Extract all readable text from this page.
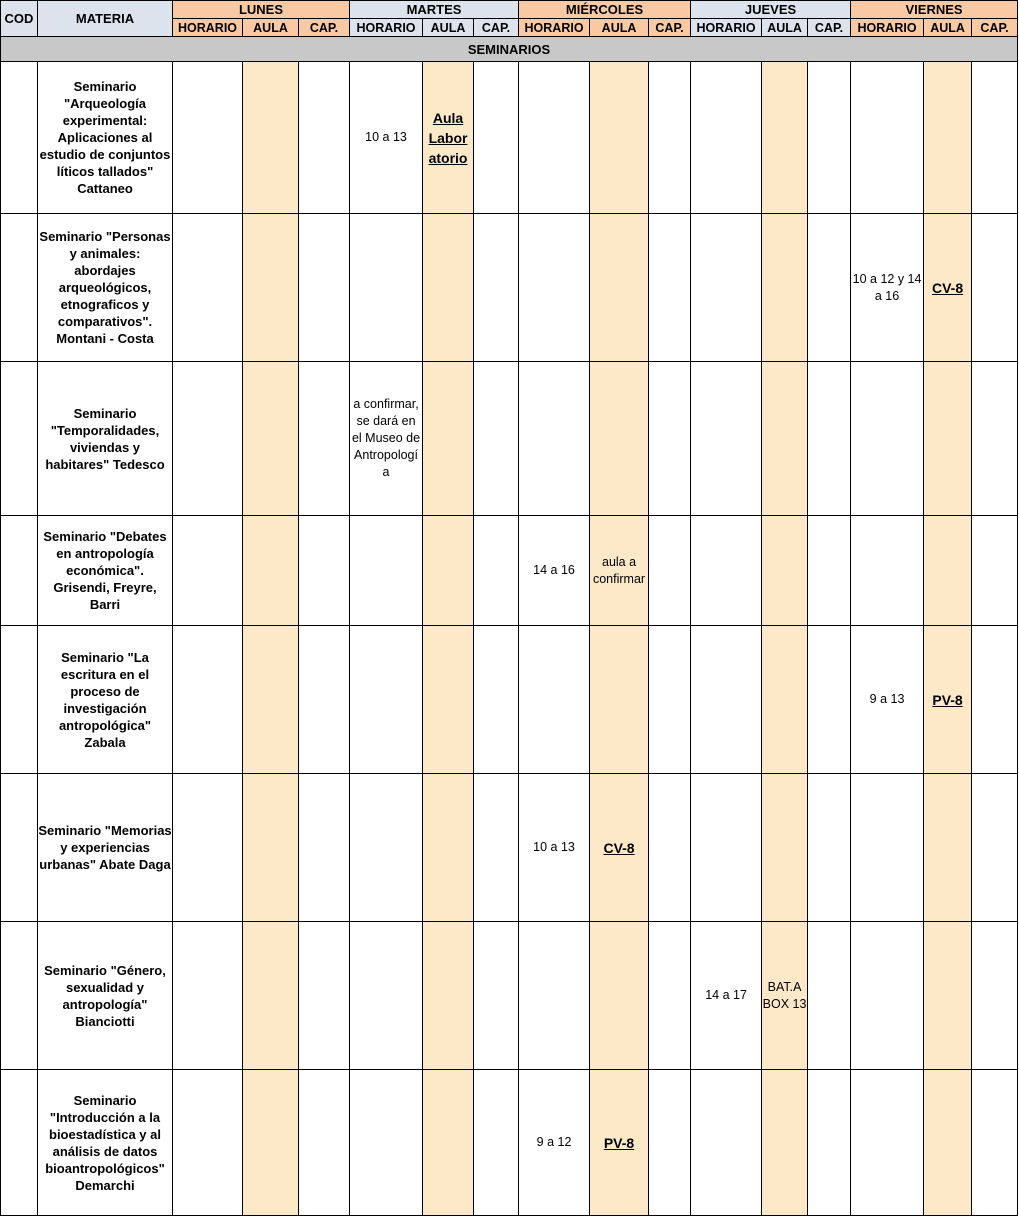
COD	MATERIA	LUNES			MARTES			MIÉRCOLES			JUEVES			VIERNES		
		HORARIO	AULA	CAP.	HORARIO	AULA	CAP.	HORARIO	AULA	CAP.	HORARIO	AULA	CAP.	HORARIO	AULA	CAP.
SEMINARIOS																
	Seminario "Arqueología experimental: Aplicaciones al estudio de conjuntos líticos tallados" Cattaneo				10 a 13	Aula Labor atorio										
	Seminario "Personas y animales: abordajes arqueológicos, etnograficos y comparativos". Montani - Costa													10 a 12 y 14 a 16	CV-8	
	Seminario "Temporalidades, viviendas y habitares" Tedesco				a confirmar, se dará en el Museo de Antropologí a											
	Seminario "Debates en antropología económica". Grisendi, Freyre, Barri							14 a 16	aula a confirmar							
	Seminario "La escritura en el proceso de investigación antropológica" Zabala													9 a 13	PV-8	
	Seminario "Memorias y experiencias urbanas" Abate Daga							10 a 13	CV-8							
	Seminario "Género, sexualidad y antropología" Bianciotti										14 a 17	BAT.A BOX 13				
	Seminario "Introducción a la bioestadística y al análisis de datos bioantropológicos" Demarchi							9 a 12	PV-8							
